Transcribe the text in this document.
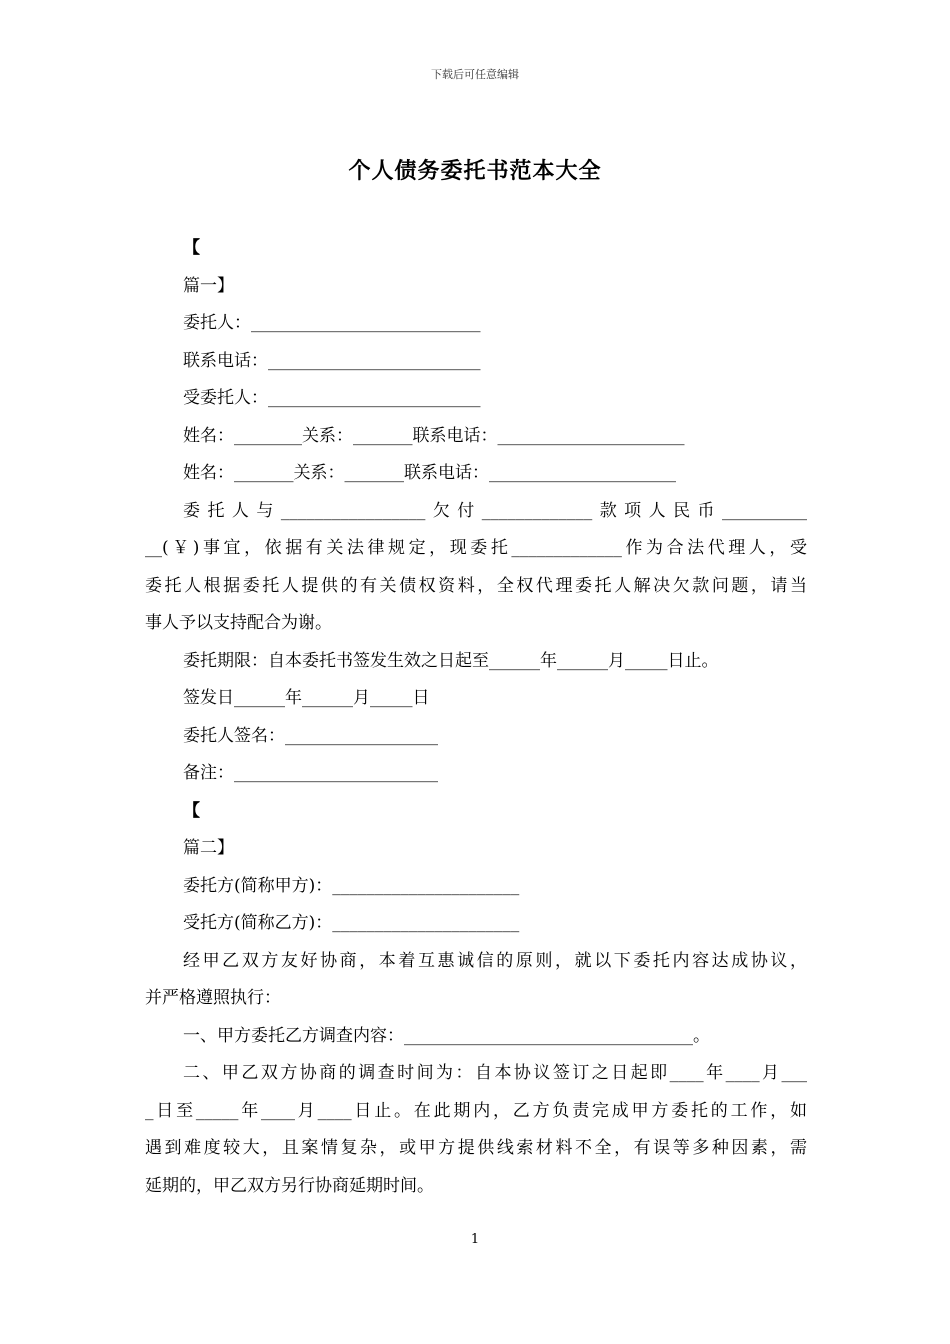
下载后可任意编辑
个人债务委托书范本大全
【
篇一】
委托人：___________________________
联系电话：_________________________
受委托人：_________________________
姓名：________关系：_______联系电话：______________________
姓名：_______关系：_______联系电话：______________________
委托人与_________________欠付_____________款项人民币__________
__(￥)事宜，依据有关法律规定，现委托_____________作为合法代理人，受
委托人根据委托人提供的有关债权资料，全权代理委托人解决欠款问题，请当
事人予以支持配合为谢。
委托期限：自本委托书签发生效之日起至______年______月_____日止。
签发日______年______月_____日
委托人签名：__________________
备注：________________________
【
篇二】
委托方(简称甲方)：______________________
受托方(简称乙方)：______________________
经甲乙双方友好协商，本着互惠诚信的原则，就以下委托内容达成协议，
并严格遵照执行：
一、甲方委托乙方调查内容：__________________________________。
二、甲乙双方协商的调查时间为：自本协议签订之日起即____年____月___
_日至_____年____月____日止。在此期内，乙方负责完成甲方委托的工作，如
遇到难度较大，且案情复杂，或甲方提供线索材料不全，有误等多种因素，需
延期的，甲乙双方另行协商延期时间。
1
